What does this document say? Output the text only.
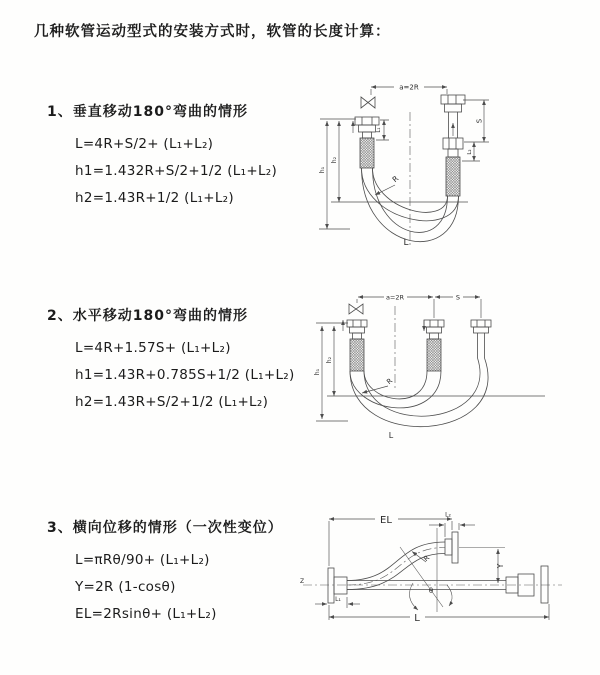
几种软管运动型式的安装方式时，软管的长度计算：
1、垂直移动180°弯曲的情形
L=4R+S/2+ (L₁+L₂)
h1=1.432R+S/2+1/2 (L₁+L₂)
h2=1.43R+1/2 (L₁+L₂)
2、水平移动180°弯曲的情形
L=4R+1.57S+ (L₁+L₂)
h1=1.43R+0.785S+1/2 (L₁+L₂)
h2=1.43R+S/2+1/2 (L₁+L₂)
3、横向位移的情形（一次性变位）
L=πRθ/90+ (L₁+L₂)
Y=2R (1-cosθ)
EL=2Rsinθ+ (L₁+L₂)
a=2R
S
L₂
L₁
h₁
h₂
R
L
a=2R	S
h₁
h₂
R
L
EL	L₂
Y
R
θ
L
L₁
Z
